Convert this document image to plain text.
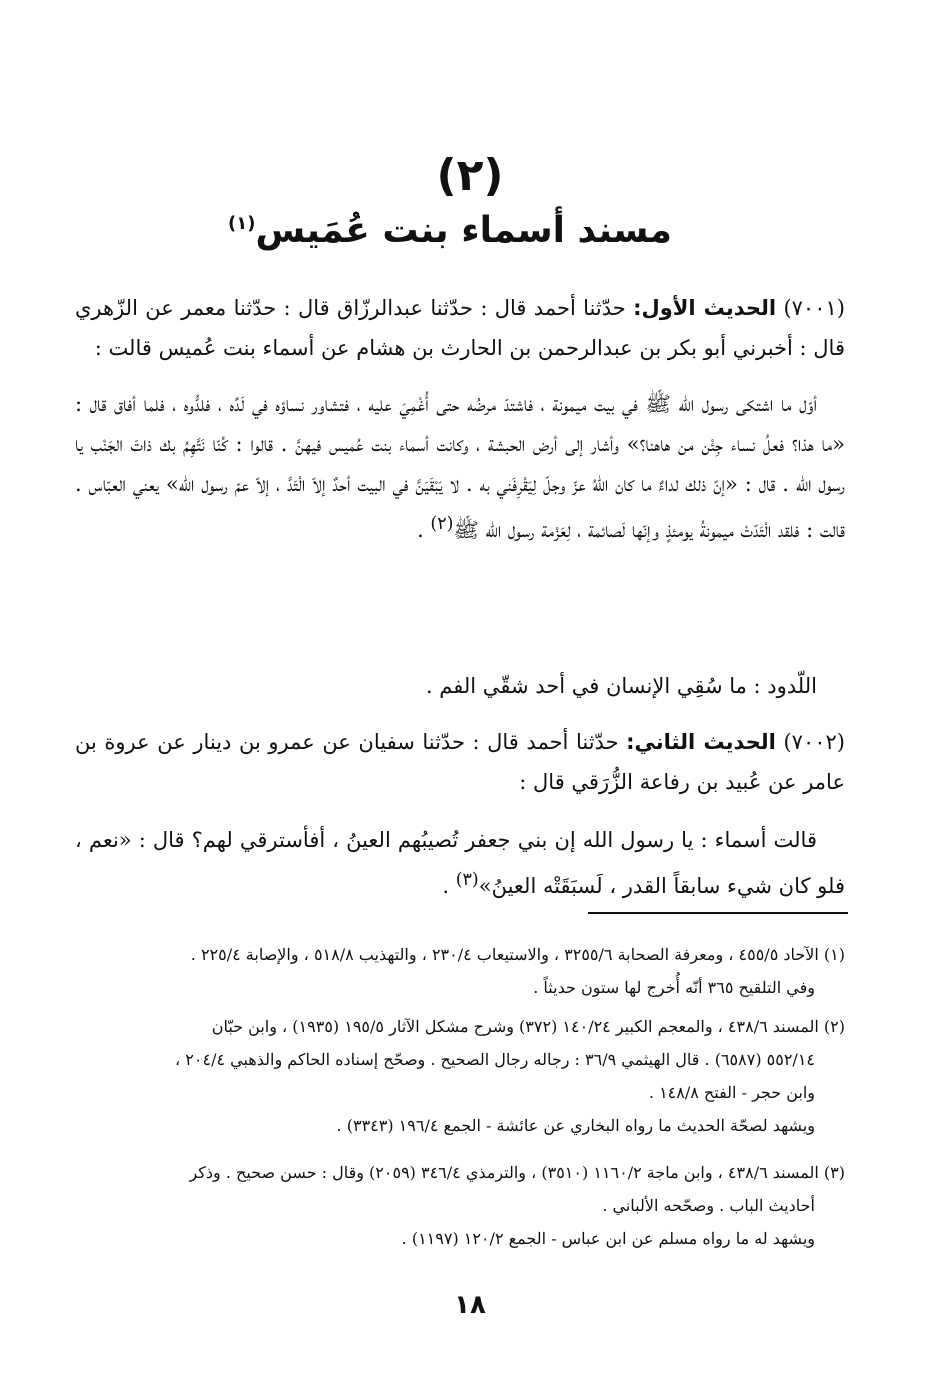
(٢)
مسند أسماء بنت عُمَيس$^{(١)}$
(٧٠٠١) الحديث الأول: حدّثنا أحمد قال : حدّثنا عبدالرزّاق قال : حدّثنا معمر عن الزّهري قال : أخبرني أبو بكر بن عبدالرحمن بن الحارث بن هشام عن أسماء بنت عُميس قالت :
أوّل ما اشتكى رسول الله ﷺ في بيت ميمونة ، فاشتدّ مرضُه حتى أُغْمِيَ عليه ، فتشاور نساؤه في لَدِّه ، فلدُّوه ، فلما أفاق قال : «ما هذا؟ فعلُ نساء جِئْن من هاهنا؟» وأشار إلى أرض الحبشة ، وكانت أسماء بنت عُميس فيهنَّ . قالوا : كُنّا نَتَّهِمُ بك ذاتَ الجَنْب يا رسول الله . قال : «إنّ ذلك لداءٌ ما كان اللّهُ عزّ وجلّ لِيَقْرِفَني به . لا يَبْقَيَنَّ في البيت أحدٌ إلاّ الْتَدَّ ، إلاّ عمّ رسول الله» يعني العبّاس . قالت : فلقد الْتَدّتْ ميمونةُ يومئذٍ وإنّها لَصائمة ، لِعَزْمة رسول الله ﷺ$^{(٢)}$ .
اللّدود : ما سُقِي الإنسان في أحد شقّي الفم .
(٧٠٠٢) الحديث الثاني: حدّثنا أحمد قال : حدّثنا سفيان عن عمرو بن دينار عن عروة بن عامر عن عُبيد بن رفاعة الزُّرَقي قال :
قالت أسماء : يا رسول الله إن بني جعفر تُصيبُهم العينُ ، أفأسترقي لهم؟ قال : «نعم ، فلو كان شيء سابقاً القدر ، لَسبَقَتْه العينُ»$^{(٣)}$ .
(١) الآحاد ٤٥٥/٥ ، ومعرفة الصحابة ٣٢٥٥/٦ ، والاستيعاب ٢٣٠/٤ ، والتهذيب ٥١٨/٨ ، والإصابة ٢٢٥/٤ .
وفي التلقيح ٣٦٥ أنّه أُخرج لها ستون حديثاً .
(٢) المسند ٤٣٨/٦ ، والمعجم الكبير ١٤٠/٢٤ (٣٧٢) وشرح مشكل الآثار ١٩٥/٥ (١٩٣٥) ، وابن حبّان
٥٥٢/١٤ (٦٥٨٧) . قال الهيثمي ٣٦/٩ : رجاله رجال الصحيح . وصحّح إسناده الحاكم والذهبي ٢٠٤/٤ ،
وابن حجر - الفتح ١٤٨/٨ .
ويشهد لصحّة الحديث ما رواه البخاري عن عائشة - الجمع ١٩٦/٤ (٣٣٤٣) .
(٣) المسند ٤٣٨/٦ ، وابن ماجة ١١٦٠/٢ (٣٥١٠) ، والترمذي ٣٤٦/٤ (٢٠٥٩) وقال : حسن صحيح . وذكر
أحاديث الباب . وصحّحه الألباني .
ويشهد له ما رواه مسلم عن ابن عباس - الجمع ١٢٠/٢ (١١٩٧) .
١٨
